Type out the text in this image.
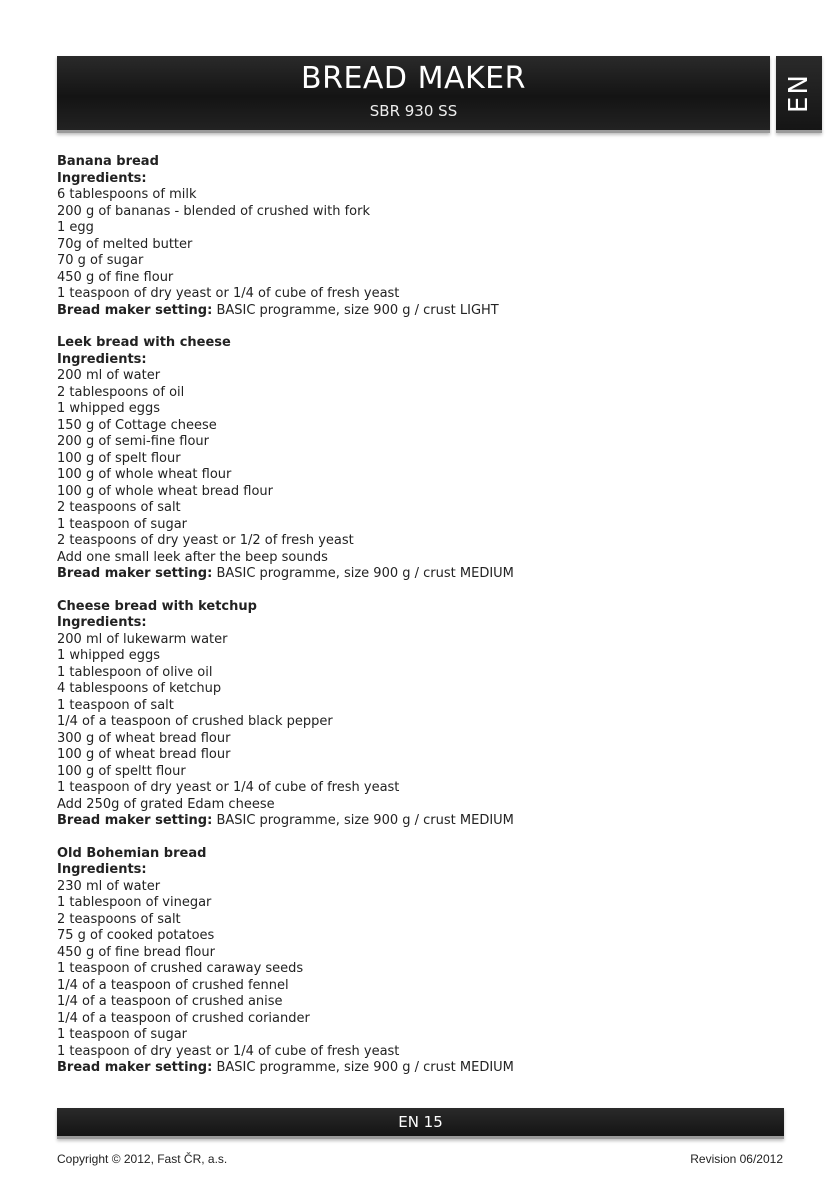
BREAD MAKER
SBR 930 SS	EN
Banana bread
Ingredients:
6 tablespoons of milk
200 g of bananas - blended of crushed with fork
1 egg
70g of melted butter
70 g of sugar
450 g of fine flour
1 teaspoon of dry yeast or 1/4 of cube of fresh yeast
Bread maker setting: BASIC programme, size 900 g / crust LIGHT
Leek bread with cheese
Ingredients:
200 ml of water
2 tablespoons of oil
1 whipped eggs
150 g of Cottage cheese
200 g of semi-fine flour
100 g of spelt flour
100 g of whole wheat flour
100 g of whole wheat bread flour
2 teaspoons of salt
1 teaspoon of sugar
2 teaspoons of dry yeast or 1/2 of fresh yeast
Add one small leek after the beep sounds
Bread maker setting: BASIC programme, size 900 g / crust MEDIUM
Cheese bread with ketchup
Ingredients:
200 ml of lukewarm water
1 whipped eggs
1 tablespoon of olive oil
4 tablespoons of ketchup
1 teaspoon of salt
1/4 of a teaspoon of crushed black pepper
300 g of wheat bread flour
100 g of wheat bread flour
100 g of speltt flour
1 teaspoon of dry yeast or 1/4 of cube of fresh yeast
Add 250g of grated Edam cheese
Bread maker setting: BASIC programme, size 900 g / crust MEDIUM
Old Bohemian bread
Ingredients:
230 ml of water
1 tablespoon of vinegar
2 teaspoons of salt
75 g of cooked potatoes
450 g of fine bread flour
1 teaspoon of crushed caraway seeds
1/4 of a teaspoon of crushed fennel
1/4 of a teaspoon of crushed anise
1/4 of a teaspoon of crushed coriander
1 teaspoon of sugar
1 teaspoon of dry yeast or 1/4 of cube of fresh yeast
Bread maker setting: BASIC programme, size 900 g / crust MEDIUM
EN 15
Copyright © 2012, Fast ČR, a.s.	Revision 06/2012
